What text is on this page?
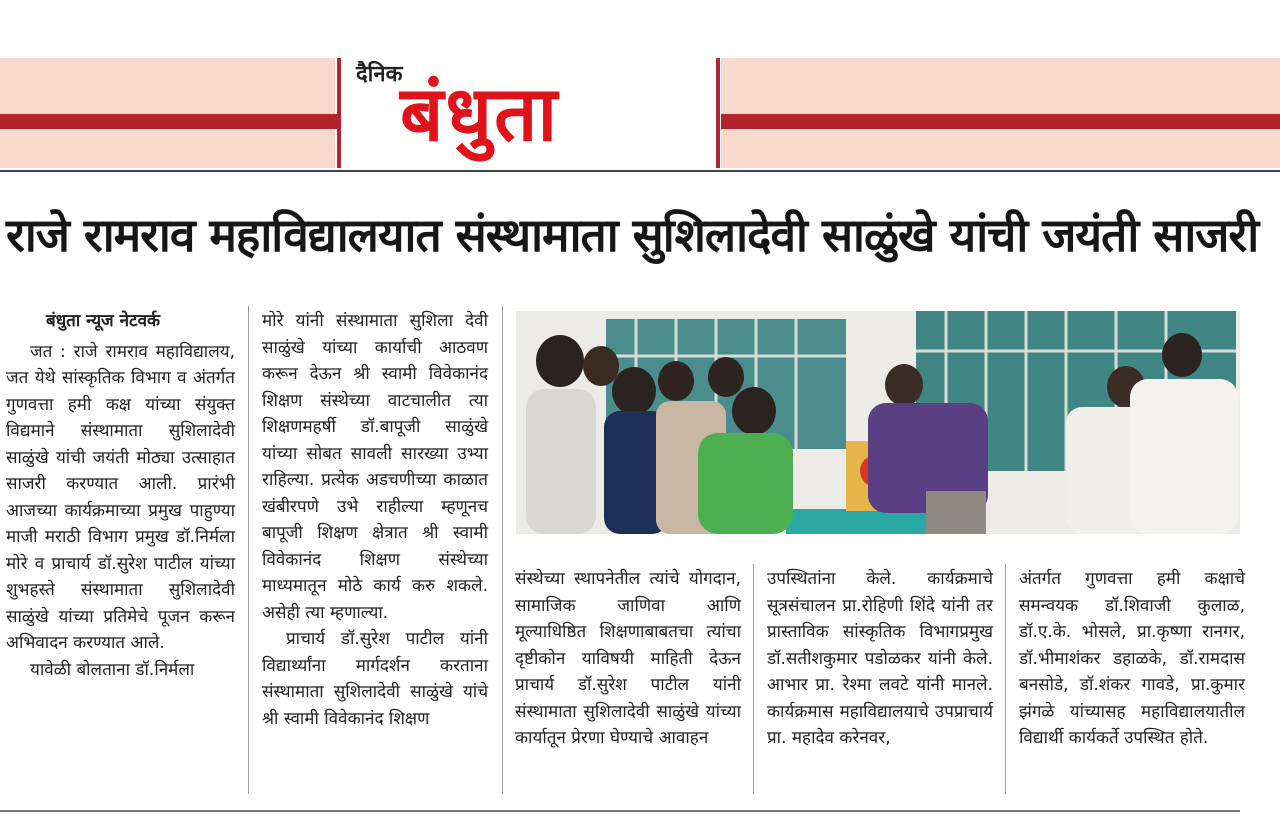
दैनिक
बंधुता
राजे रामराव महाविद्यालयात संस्थामाता सुशिलादेवी साळुंखे यांची जयंती साजरी

बंधुता न्यूज नेटवर्क

जत : राजे रामराव महाविद्यालय, जत येथे सांस्कृतिक विभाग व अंतर्गत गुणवत्ता हमी कक्ष यांच्या संयुक्त विद्यमाने संस्थामाता सुशिलादेवी साळुंखे यांची जयंती मोठ्या उत्साहात साजरी करण्यात आली. प्रारंभी आजच्या कार्यक्रमाच्या प्रमुख पाहुण्या माजी मराठी विभाग प्रमुख डॉ.निर्मला मोरे व प्राचार्य डॉ.सुरेश पाटील यांच्या शुभहस्ते संस्थामाता सुशिलादेवी साळुंखे यांच्या प्रतिमेचे पूजन करून अभिवादन करण्यात आले.

यावेळी बोलताना डॉ.निर्मला

मोरे यांनी संस्थामाता सुशिला देवी साळुंखे यांच्या कार्याची आठवण करून देऊन श्री स्वामी विवेकानंद शिक्षण संस्थेच्या वाटचालीत त्या शिक्षणमहर्षी डॉ.बापूजी साळुंखे यांच्या सोबत सावली सारख्या उभ्या राहिल्या. प्रत्येक अडचणीच्या काळात खंबीरपणे उभे राहील्या म्हणूनच बापूजी शिक्षण क्षेत्रात श्री स्वामी विवेकानंद शिक्षण संस्थेच्या माध्यमातून मोठे कार्य करु शकले. असेही त्या म्हणाल्या.

प्राचार्य डॉ.सुरेश पाटील यांनी विद्यार्थ्यांना मार्गदर्शन करताना संस्थामाता सुशिलादेवी साळुंखे यांचे श्री स्वामी विवेकानंद शिक्षण

संस्थेच्या स्थापनेतील त्यांचे योगदान, सामाजिक जाणिवा आणि मूल्याधिष्ठित शिक्षणाबाबतचा त्यांचा दृष्टीकोन याविषयी माहिती देऊन प्राचार्य डॉ.सुरेश पाटील यांनी संस्थामाता सुशिलादेवी साळुंखे यांच्या कार्यातून प्रेरणा घेण्याचे आवाहन

उपस्थितांना केले. कार्यक्रमाचे सूत्रसंचालन प्रा.रोहिणी शिंदे यांनी तर प्रास्ताविक सांस्कृतिक विभागप्रमुख डॉ.सतीशकुमार पडोळकर यांनी केले. आभार प्रा. रेश्मा लवटे यांनी मानले. कार्यक्रमास महाविद्यालयाचे उपप्राचार्य प्रा. महादेव करेनवर,

अंतर्गत गुणवत्ता हमी कक्षाचे समन्वयक डॉ.शिवाजी कुलाळ, डॉ.ए.के. भोसले, प्रा.कृष्णा रानगर, डॉ.भीमाशंकर डहाळके, डॉ.रामदास बनसोडे, डॉ.शंकर गावडे, प्रा.कुमार झंगळे यांच्यासह महाविद्यालयातील विद्यार्थी कार्यकर्ते उपस्थित होते.
